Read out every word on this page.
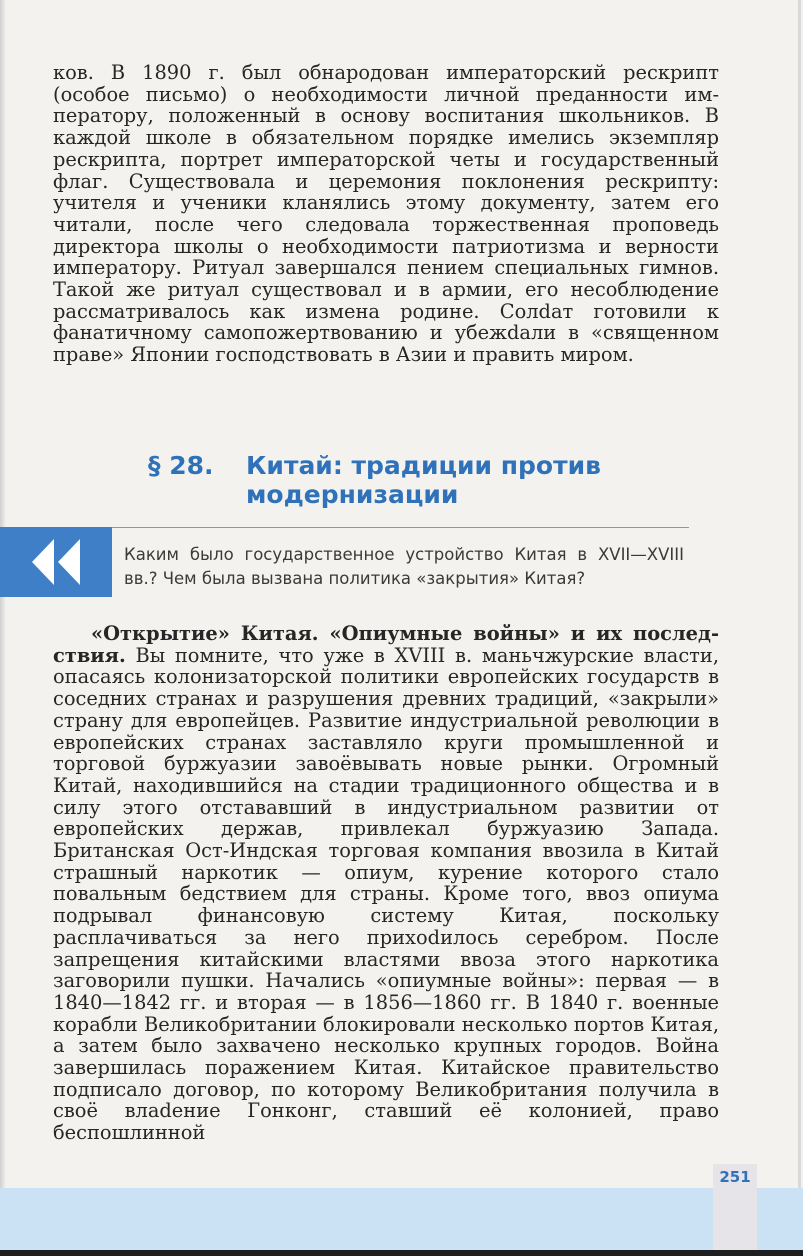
ков. В 1890 г. был обнародован императорский рескрипт (особое письмо) о необходимости личной преданности императору, положенный в основу воспитания школьников. В каждой школе в обязательном порядке имелись экземпляр рескрипта, портрет императорской четы и государственный флаг. Существовала и церемония поклонения рескрипту: учителя и ученики кланялись этому документу, затем его читали, после чего следовала торжественная проповедь директора школы о необходимости патриотизма и верности императору. Ритуал завершался пением специальных гимнов. Такой же ритуал существовал и в армии, его несоблюдение рассматривалось как измена родине. Солdат готовили к фанатичному самопожертвованию и убежdали в «священном праве» Японии господствовать в Азии и править миром.

§ 28. Китай: традиции против
модернизации

Каким было государственное устройство Китая в XVII—XVIII вв.? Чем была вызвана политика «закрытия» Китая?

«Открытие» Китая. «Опиумные войны» и их последствия. Вы помните, что уже в XVIII в. маньчжурские власти, опасаясь колонизаторской политики европейских государств в соседних странах и разрушения древних традиций, «закрыли» страну для европейцев. Развитие индустриальной революции в европейских странах заставляло круги промышленной и торговой буржуазии завоёвывать новые рынки. Огромный Китай, находившийся на стадии традиционного общества и в силу этого отстававший в индустриальном развитии от европейских держав, привлекал буржуазию Запада. Британская Ост-Индская торговая компания ввозила в Китай страшный наркотик — опиум, курение которого стало повальным бедствием для страны. Кроме того, ввоз опиума подрывал финансовую систему Китая, поскольку расплачиваться за него прихоdилось серебром. После запрещения китайскими властями ввоза этого наркотика заговорили пушки. Начались «опиумные войны»: первая — в 1840—1842 гг. и вторая — в 1856—1860 гг. В 1840 г. военные корабли Великобритании блокировали несколько портов Китая, а затем было захвачено несколько крупных городов. Война завершилась поражением Китая. Китайское правительство подписало договор, по которому Великобритания получила в своё влаdение Гонконг, ставший её колонией, право беспошлинной

251
